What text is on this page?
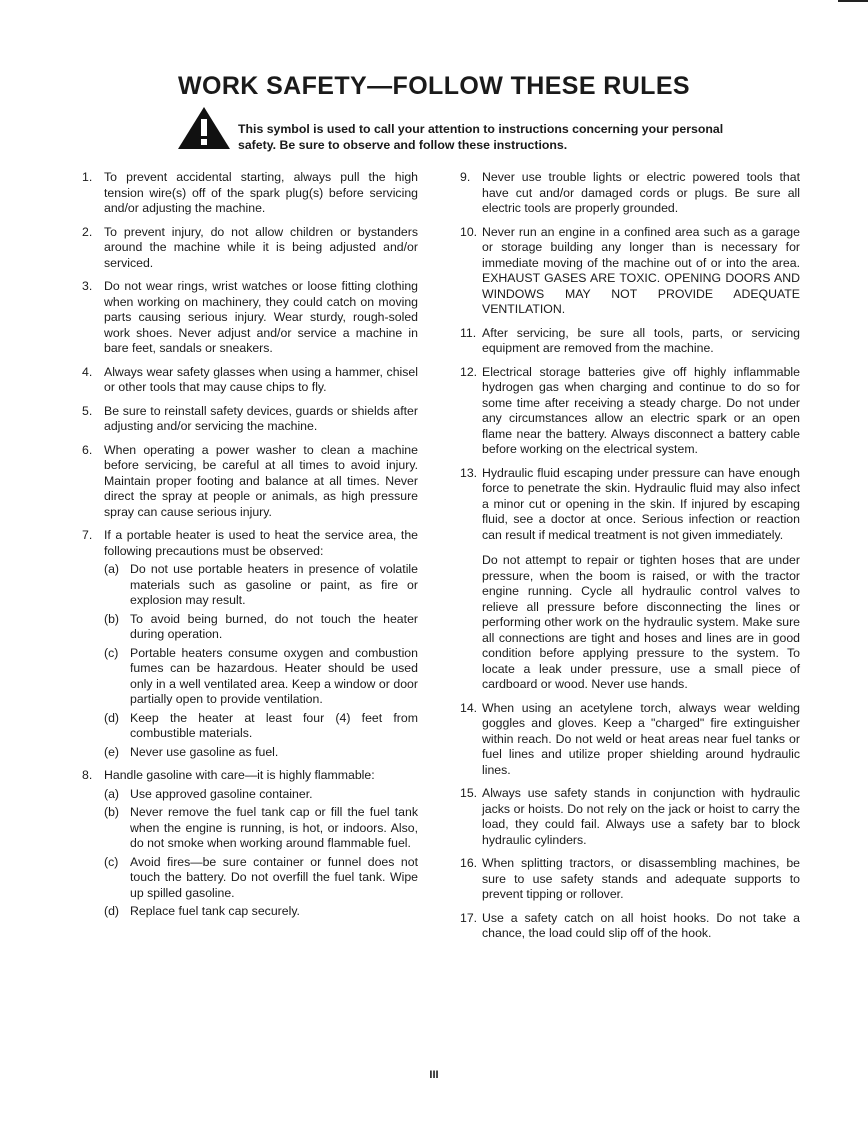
WORK SAFETY—FOLLOW THESE RULES
This symbol is used to call your attention to instructions concerning your personal safety. Be sure to observe and follow these instructions.
1. To prevent accidental starting, always pull the high tension wire(s) off of the spark plug(s) before servicing and/or adjusting the machine.
2. To prevent injury, do not allow children or bystanders around the machine while it is being adjusted and/or serviced.
3. Do not wear rings, wrist watches or loose fitting clothing when working on machinery, they could catch on moving parts causing serious injury. Wear sturdy, rough-soled work shoes. Never adjust and/or service a machine in bare feet, sandals or sneakers.
4. Always wear safety glasses when using a hammer, chisel or other tools that may cause chips to fly.
5. Be sure to reinstall safety devices, guards or shields after adjusting and/or servicing the machine.
6. When operating a power washer to clean a machine before servicing, be careful at all times to avoid injury. Maintain proper footing and balance at all times. Never direct the spray at people or animals, as high pressure spray can cause serious injury.
7. If a portable heater is used to heat the service area, the following precautions must be observed:
(a) Do not use portable heaters in presence of volatile materials such as gasoline or paint, as fire or explosion may result.
(b) To avoid being burned, do not touch the heater during operation.
(c) Portable heaters consume oxygen and combustion fumes can be hazardous. Heater should be used only in a well ventilated area. Keep a window or door partially open to provide ventilation.
(d) Keep the heater at least four (4) feet from combustible materials.
(e) Never use gasoline as fuel.
8. Handle gasoline with care—it is highly flammable:
(a) Use approved gasoline container.
(b) Never remove the fuel tank cap or fill the fuel tank when the engine is running, is hot, or indoors. Also, do not smoke when working around flammable fuel.
(c) Avoid fires—be sure container or funnel does not touch the battery. Do not overfill the fuel tank. Wipe up spilled gasoline.
(d) Replace fuel tank cap securely.
9. Never use trouble lights or electric powered tools that have cut and/or damaged cords or plugs. Be sure all electric tools are properly grounded.
10. Never run an engine in a confined area such as a garage or storage building any longer than is necessary for immediate moving of the machine out of or into the area. EXHAUST GASES ARE TOXIC. OPENING DOORS AND WINDOWS MAY NOT PROVIDE ADEQUATE VENTILATION.
11. After servicing, be sure all tools, parts, or servicing equipment are removed from the machine.
12. Electrical storage batteries give off highly inflammable hydrogen gas when charging and continue to do so for some time after receiving a steady charge. Do not under any circumstances allow an electric spark or an open flame near the battery. Always disconnect a battery cable before working on the electrical system.
13. Hydraulic fluid escaping under pressure can have enough force to penetrate the skin. Hydraulic fluid may also infect a minor cut or opening in the skin. If injured by escaping fluid, see a doctor at once. Serious infection or reaction can result if medical treatment is not given immediately.
Do not attempt to repair or tighten hoses that are under pressure, when the boom is raised, or with the tractor engine running. Cycle all hydraulic control valves to relieve all pressure before disconnecting the lines or performing other work on the hydraulic system. Make sure all connections are tight and hoses and lines are in good condition before applying pressure to the system. To locate a leak under pressure, use a small piece of cardboard or wood. Never use hands.
14. When using an acetylene torch, always wear welding goggles and gloves. Keep a "charged" fire extinguisher within reach. Do not weld or heat areas near fuel tanks or fuel lines and utilize proper shielding around hydraulic lines.
15. Always use safety stands in conjunction with hydraulic jacks or hoists. Do not rely on the jack or hoist to carry the load, they could fail. Always use a safety bar to block hydraulic cylinders.
16. When splitting tractors, or disassembling machines, be sure to use safety stands and adequate supports to prevent tipping or rollover.
17. Use a safety catch on all hoist hooks. Do not take a chance, the load could slip off of the hook.
III
